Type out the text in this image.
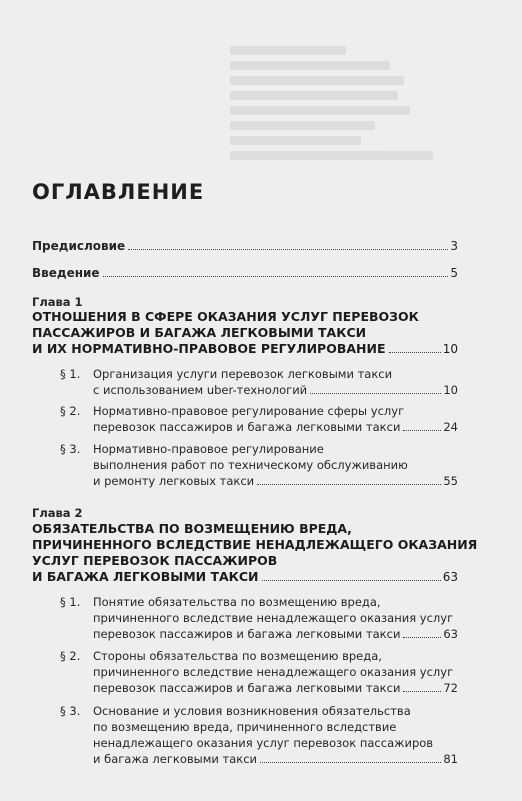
ОГЛАВЛЕНИЕ
Предисловие	3
Введение	5
Глава 1
ОТНОШЕНИЯ В СФЕРЕ ОКАЗАНИЯ УСЛУГ ПЕРЕВОЗОК
ПАССАЖИРОВ И БАГАЖА ЛЕГКОВЫМИ ТАКСИ
И ИХ НОРМАТИВНО-ПРАВОВОЕ РЕГУЛИРОВАНИЕ	10
§ 1. Организация услуги перевозок легковыми такси
с использованием uber-технологий	10
§ 2. Нормативно-правовое регулирование сферы услуг
перевозок пассажиров и багажа легковыми такси	24
§ 3. Нормативно-правовое регулирование
выполнения работ по техническому обслуживанию
и ремонту легковых такси	55
Глава 2
ОБЯЗАТЕЛЬСТВА ПО ВОЗМЕЩЕНИЮ ВРЕДА,
ПРИЧИНЕННОГО ВСЛЕДСТВИЕ НЕНАДЛЕЖАЩЕГО ОКАЗАНИЯ
УСЛУГ ПЕРЕВОЗОК ПАССАЖИРОВ
И БАГАЖА ЛЕГКОВЫМИ ТАКСИ	63
§ 1. Понятие обязательства по возмещению вреда,
причиненного вследствие ненадлежащего оказания услуг
перевозок пассажиров и багажа легковыми такси	63
§ 2. Стороны обязательства по возмещению вреда,
причиненного вследствие ненадлежащего оказания услуг
перевозок пассажиров и багажа легковыми такси	72
§ 3. Основание и условия возникновения обязательства
по возмещению вреда, причиненного вследствие
ненадлежащего оказания услуг перевозок пассажиров
и багажа легковыми такси	81
